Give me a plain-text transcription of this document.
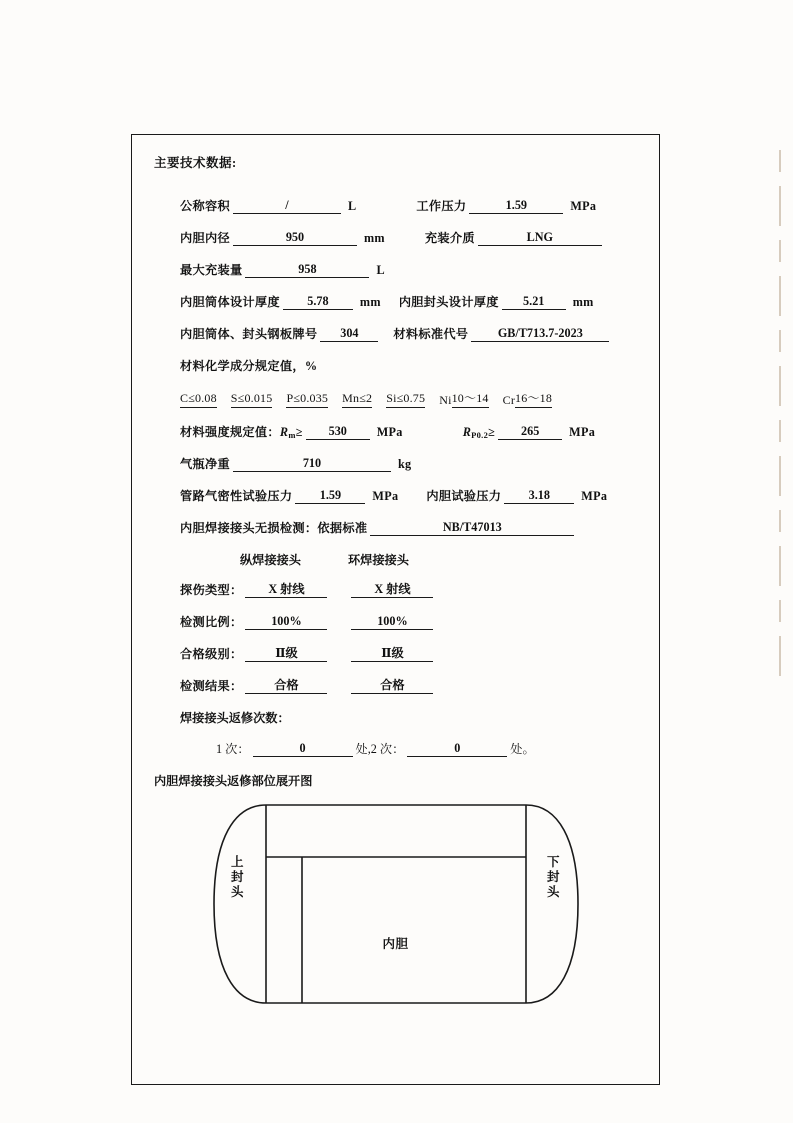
主要技术数据:
公称容积	/	L	工作压力	1.59	MPa
内胆内径	950	mm	充装介质	LNG
最大充装量	958	L
内胆筒体设计厚度	5.78	mm 内胆封头设计厚度	5.21	mm
内胆筒体、封头钢板牌号	304	材料标准代号	GB/T713.7-2023
材料化学成分规定值，%
C≤0.08 S≤0.015 P≤0.035 Mn≤2 Si≤0.75 Ni 10～14 Cr 16～18
材料强度规定值： R m ≥	530	MPa	R P0.2 ≥	265	MPa
气瓶净重	710	kg
管路气密性试验压力	1.59	MPa 内胆试验压力	3.18	MPa
内胆焊接接头无损检测：依据标准	NB/T47013
纵焊接接头	环焊接接头
探伤类型：	X 射线	X 射线
检测比例：	100%	100%
合格级别：	Ⅱ级	Ⅱ级
检测结果：	合格	合格
焊接接头返修次数：
1 次：	0	处, 2 次：	0	处。
内胆焊接接头返修部位展开图
上封头
下封头
内胆
